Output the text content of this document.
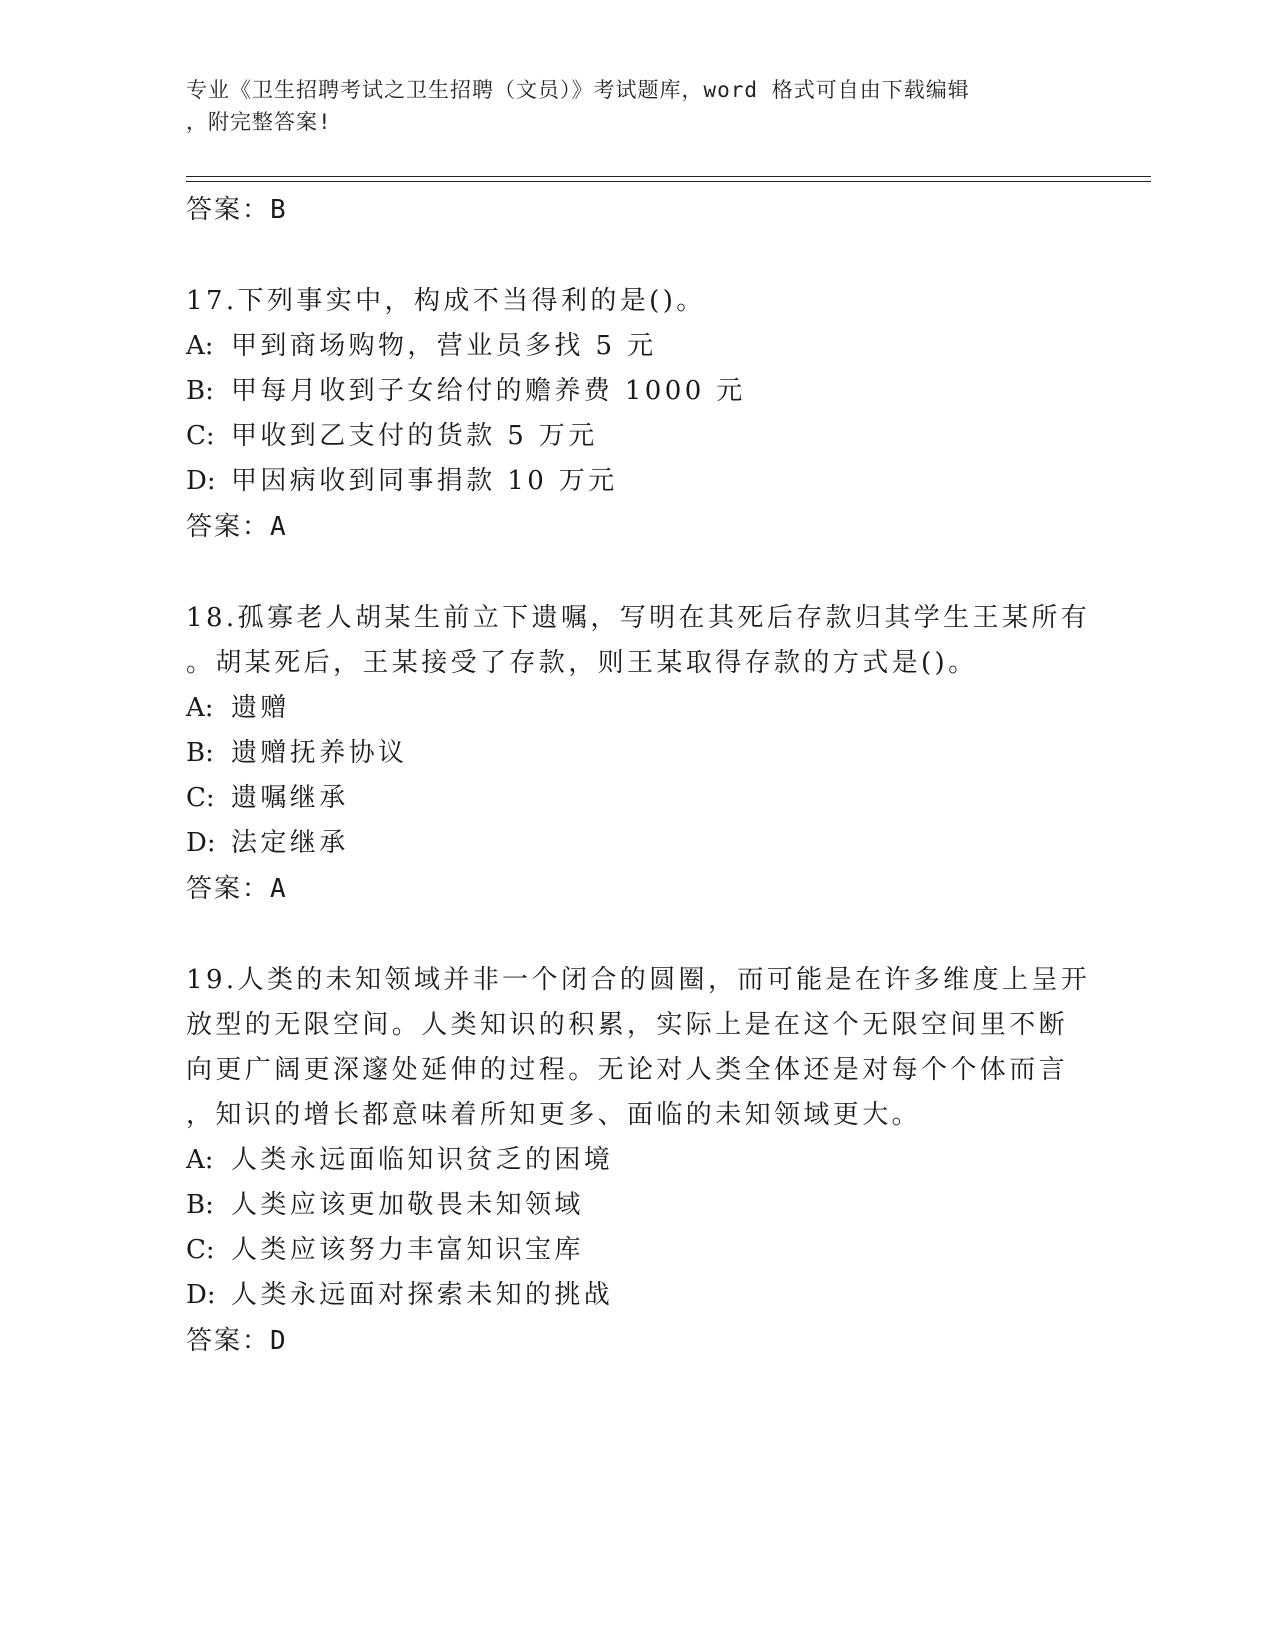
专业《卫生招聘考试之卫生招聘（文员）》考试题库，word 格式可自由下载编辑
，附完整答案!
答案：B
17.下列事实中，构成不当得利的是()。
A: 甲到商场购物，营业员多找 5 元
B: 甲每月收到子女给付的赡养费 1000 元
C: 甲收到乙支付的货款 5 万元
D: 甲因病收到同事捐款 10 万元
答案：A
18.孤寡老人胡某生前立下遗嘱，写明在其死后存款归其学生王某所有
。胡某死后，王某接受了存款，则王某取得存款的方式是()。
A: 遗赠
B: 遗赠抚养协议
C: 遗嘱继承
D: 法定继承
答案：A
19.人类的未知领域并非一个闭合的圆圈，而可能是在许多维度上呈开
放型的无限空间。人类知识的积累，实际上是在这个无限空间里不断
向更广阔更深邃处延伸的过程。无论对人类全体还是对每个个体而言
，知识的增长都意味着所知更多、面临的未知领域更大。
A: 人类永远面临知识贫乏的困境
B: 人类应该更加敬畏未知领域
C: 人类应该努力丰富知识宝库
D: 人类永远面对探索未知的挑战
答案：D
